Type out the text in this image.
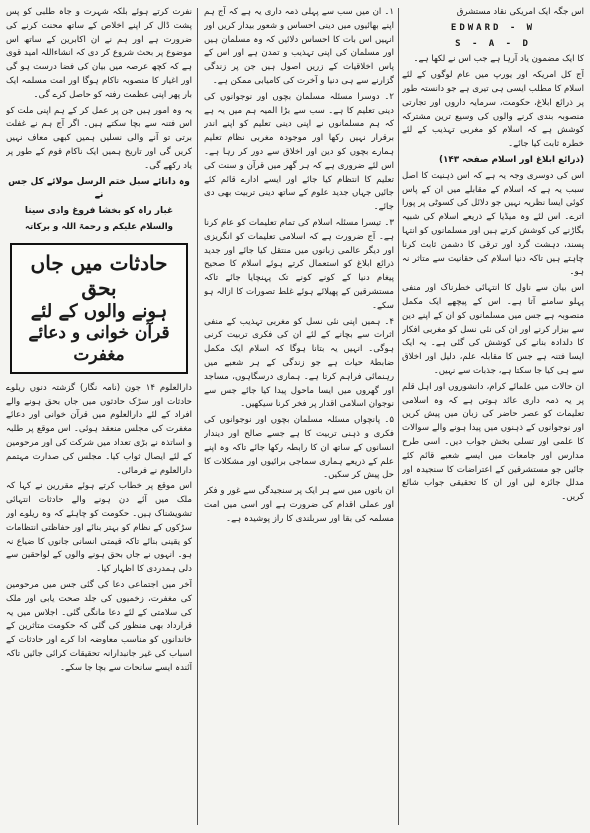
اس جگہ ایک امریکی نقاد مستشرق

EDWARD - W
S - A - D

کا ایک مضمون یاد آرہا ہے جب اس نے لکھا ہے۔

آج کل امریکہ اور یورپ میں عام لوگوں کے لئے اسلام کا مطلب ایسی ہی تیری ہے جو دانستہ طور پر ذرائع ابلاغ، حکومت، سرمایہ داروں اور تجارتی منصوبہ بندی کرنے والوں کی وسیع ترین مشترکہ کوشش ہے کہ اسلام کو مغربی تہذیب کے لئے خطرہ ثابت کیا جائے۔

(ذرائع ابلاغ اور اسلام صفحہ ۱۴۳)

اس کی دوسری وجہ یہ ہے کہ اس ذہنیت کا اصل سبب یہ ہے کہ اسلام کے مقابلے میں ان کے پاس کوئی ایسا نظریہ نہیں جو دلائل کی کسوٹی پر پورا اترے۔ اس لئے وہ میڈیا کے ذریعے اسلام کی شبیہ بگاڑنے کی کوشش کرتے ہیں اور مسلمانوں کو انتہا پسند، دہشت گرد اور ترقی کا دشمن ثابت کرنا چاہتے ہیں تاکہ دنیا اسلام کی حقانیت سے متاثر نہ ہو۔

اس بیان سے ناول کا انتہائی خطرناک اور منفی پہلو سامنے آتا ہے۔ اس کے پیچھے ایک مکمل منصوبہ ہے جس میں مسلمانوں کو ان کے اپنے دین سے بیزار کرنے اور ان کی نئی نسل کو مغربی افکار کا دلدادہ بنانے کی کوشش کی گئی ہے۔ یہ ایک ایسا فتنہ ہے جس کا مقابلہ علم، دلیل اور اخلاق سے ہی کیا جا سکتا ہے، جذبات سے نہیں۔

ان حالات میں علمائے کرام، دانشوروں اور اہل قلم پر یہ ذمہ داری عائد ہوتی ہے کہ وہ اسلامی تعلیمات کو عصر حاضر کی زبان میں پیش کریں اور نوجوانوں کے ذہنوں میں پیدا ہونے والے سوالات کا علمی اور تسلی بخش جواب دیں۔ اسی طرح مدارس اور جامعات میں ایسے شعبے قائم کئے جائیں جو مستشرقین کے اعتراضات کا سنجیدہ اور مدلل جائزہ لیں اور ان کا تحقیقی جواب شائع کریں۔

۱۔ ان میں سب سے پہلی ذمہ داری یہ ہے کہ آج ہم اپنے بھائیوں میں دینی احساس و شعور بیدار کریں اور انہیں اس بات کا احساس دلائیں کہ وہ مسلمان ہیں اور مسلمان کی اپنی تہذیب و تمدن ہے اور اس کے پاس اخلاقیات کے زریں اصول ہیں جن پر زندگی گزارنے سے ہی دنیا و آخرت کی کامیابی ممکن ہے۔

۲۔ دوسرا مسئلہ مسلمان بچوں اور نوجوانوں کی دینی تعلیم کا ہے۔ سب سے بڑا المیہ ہم میں یہ ہے کہ ہم مسلمانوں نے اپنی دینی تعلیم کو اپنے اندر برقرار نہیں رکھا اور موجودہ مغربی نظام تعلیم ہمارے بچوں کو دین اور اخلاق سے دور کر رہا ہے۔ اس لئے ضروری ہے کہ ہر گھر میں قرآن و سنت کی تعلیم کا انتظام کیا جائے اور ایسے ادارے قائم کئے جائیں جہاں جدید علوم کے ساتھ دینی تربیت بھی دی جائے۔

۳۔ تیسرا مسئلہ اسلام کی تمام تعلیمات کو عام کرنا ہے۔ آج ضرورت ہے کہ اسلامی تعلیمات کو انگریزی اور دیگر عالمی زبانوں میں منتقل کیا جائے اور جدید ذرائع ابلاغ کو استعمال کرتے ہوئے اسلام کا صحیح پیغام دنیا کے کونے کونے تک پہنچایا جائے تاکہ مستشرقین کے پھیلائے ہوئے غلط تصورات کا ازالہ ہو سکے۔

۴۔ ہمیں اپنی نئی نسل کو مغربی تہذیب کے منفی اثرات سے بچانے کے لئے ان کی فکری تربیت کرنی ہوگی۔ انہیں یہ بتانا ہوگا کہ اسلام ایک مکمل ضابطۂ حیات ہے جو زندگی کے ہر شعبے میں رہنمائی فراہم کرتا ہے۔ ہماری درسگاہوں، مساجد اور گھروں میں ایسا ماحول پیدا کیا جائے جس سے نوجوان اسلامی اقدار پر فخر کرنا سیکھیں۔

۵۔ پانچواں مسئلہ مسلمان بچوں اور نوجوانوں کی فکری و ذہنی تربیت کا ہے جسے صالح اور دیندار انسانوں کے ساتھ ان کا رابطہ رکھا جائے تاکہ وہ اپنے علم کے ذریعے ہماری سماجی برائیوں اور مشکلات کا حل پیش کر سکیں۔

ان باتوں میں سے ہر ایک پر سنجیدگی سے غور و فکر اور عملی اقدام کی ضرورت ہے اور اسی میں امت مسلمہ کی بقا اور سربلندی کا راز پوشیدہ ہے۔

نفرت کرتے ہوئے بلکہ شہرت و جاہ طلبی کو پس پشت ڈال کر اپنے اخلاص کے ساتھ محنت کرنے کی ضرورت ہے اور ہم نے ان اکابرین کے ساتھ اس موضوع پر بحث شروع کر دی کہ انشاءاللہ امید قوی ہے کہ کچھ عرصہ میں بیان کی فضا درست ہو گی اور اغیار کا منصوبہ ناکام ہوگا اور امت مسلمہ ایک بار پھر اپنی عظمت رفتہ کو حاصل کرے گی۔

یہ وہ امور ہیں جن پر عمل کر کے ہم اپنی ملت کو اس فتنہ سے بچا سکتے ہیں۔ اگر آج ہم نے غفلت برتی تو آنے والی نسلیں ہمیں کبھی معاف نہیں کریں گی اور تاریخ ہمیں ایک ناکام قوم کے طور پر یاد رکھے گی۔

وہ دانائے سبل ختم الرسل مولائے کل جس نے

غبار راہ کو بخشا فروغ وادی سینا

والسلام علیکم و رحمۃ اللہ و برکاتہ

حادثات میں جاں بحق
ہونے والوں کے لئے
قرآن خوانی و دعائے مغفرت

دارالعلوم ۱۴ جون (نامہ نگار) گزشتہ دنوں ریلوے حادثات اور سڑک حادثوں میں جاں بحق ہونے والے افراد کے لئے دارالعلوم میں قرآن خوانی اور دعائے مغفرت کی مجلس منعقد ہوئی۔ اس موقع پر طلبہ و اساتذہ نے بڑی تعداد میں شرکت کی اور مرحومین کے لئے ایصال ثواب کیا۔ مجلس کی صدارت مہتمم دارالعلوم نے فرمائی۔

اس موقع پر خطاب کرتے ہوئے مقررین نے کہا کہ ملک میں آئے دن ہونے والے حادثات انتہائی تشویشناک ہیں۔ حکومت کو چاہئے کہ وہ ریلوے اور سڑکوں کے نظام کو بہتر بنائے اور حفاظتی انتظامات کو یقینی بنائے تاکہ قیمتی انسانی جانوں کا ضیاع نہ ہو۔ انہوں نے جاں بحق ہونے والوں کے لواحقین سے دلی ہمدردی کا اظہار کیا۔

آخر میں اجتماعی دعا کی گئی جس میں مرحومین کی مغفرت، زخمیوں کی جلد صحت یابی اور ملک کی سلامتی کے لئے دعا مانگی گئی۔ اجلاس میں یہ قرارداد بھی منظور کی گئی کہ حکومت متاثرین کے خاندانوں کو مناسب معاوضہ ادا کرے اور حادثات کے اسباب کی غیر جانبدارانہ تحقیقات کرائی جائیں تاکہ آئندہ ایسے سانحات سے بچا جا سکے۔
